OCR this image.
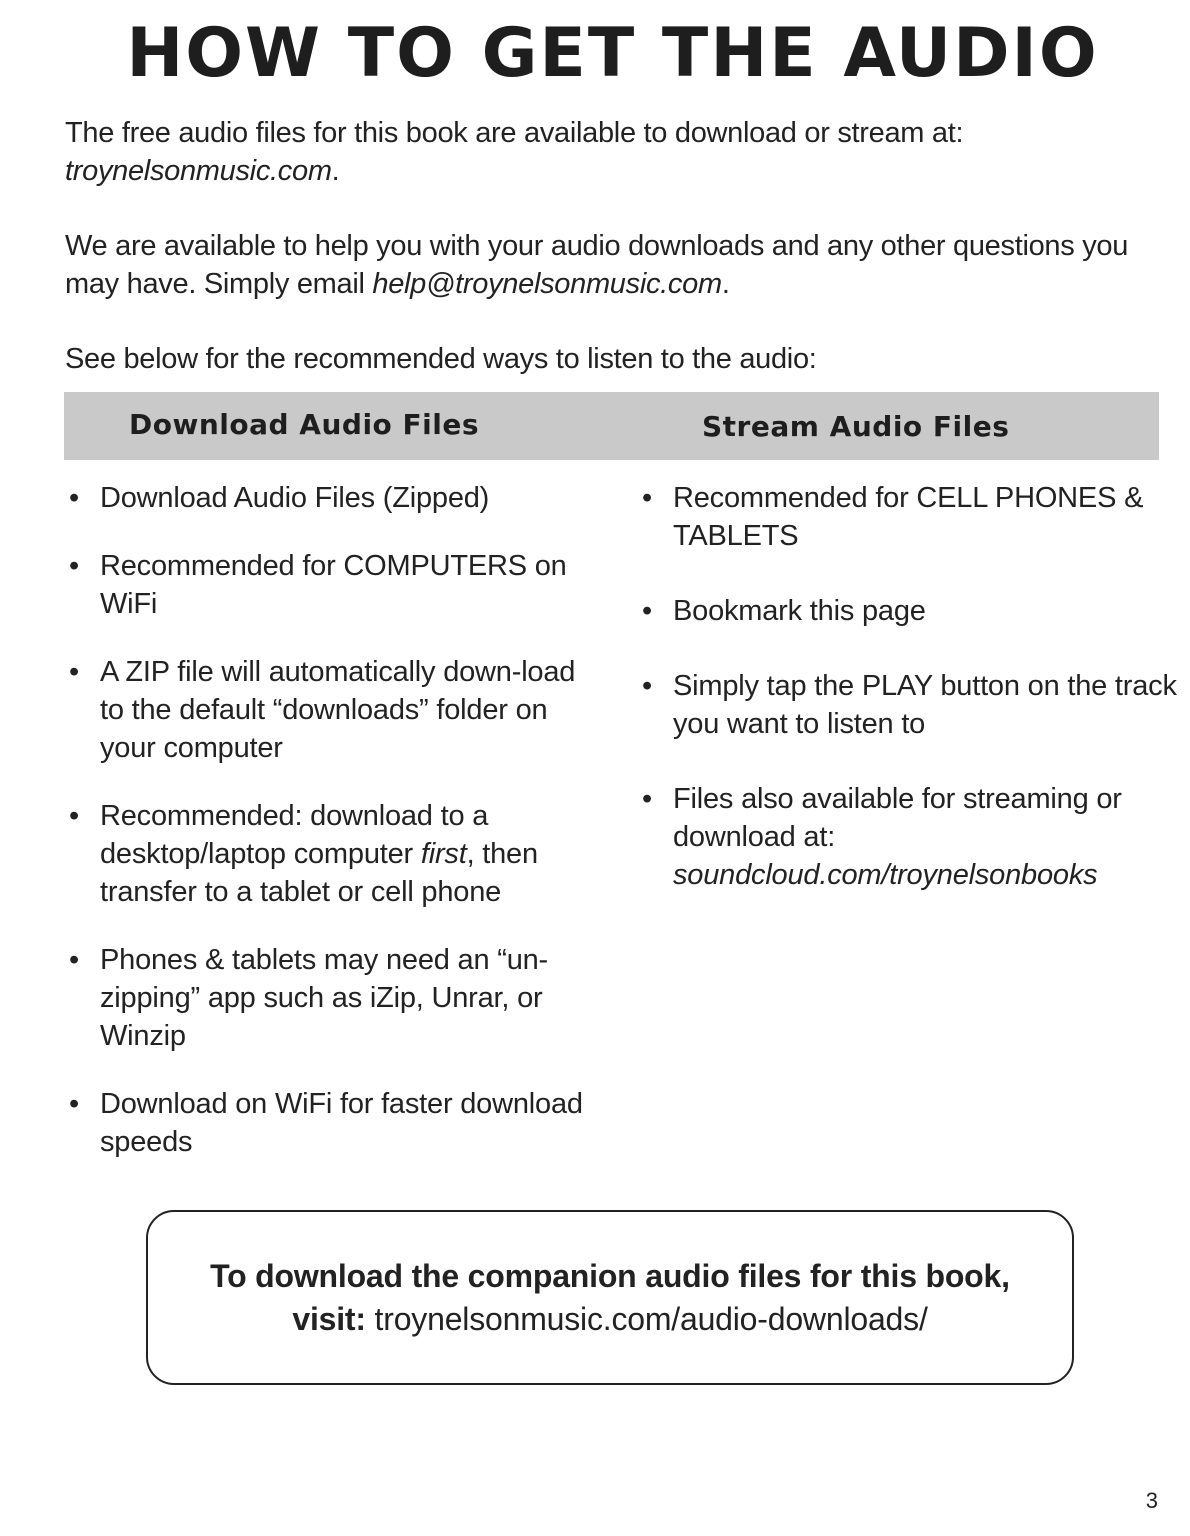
HOW TO GET THE AUDIO

The free audio files for this book are available to download or stream at:
troynelsonmusic.com.

We are available to help you with your audio downloads and any other questions you may have. Simply email help@troynelsonmusic.com.

See below for the recommended ways to listen to the audio:

Download Audio Files	Stream Audio Files
• Download Audio Files (Zipped)
• Recommended for COMPUTERS on WiFi
• A ZIP file will automatically down-load to the default “downloads” folder on your computer
• Recommended: download to a desktop/laptop computer first, then transfer to a tablet or cell phone
• Phones & tablets may need an “un-zipping” app such as iZip, Unrar, or Winzip
• Download on WiFi for faster download speeds
• Recommended for CELL PHONES & TABLETS
• Bookmark this page
• Simply tap the PLAY button on the track you want to listen to
• Files also available for streaming or download at:
soundcloud.com/troynelsonbooks

To download the companion audio files for this book,

visit: troynelsonmusic.com/audio-downloads/

3
